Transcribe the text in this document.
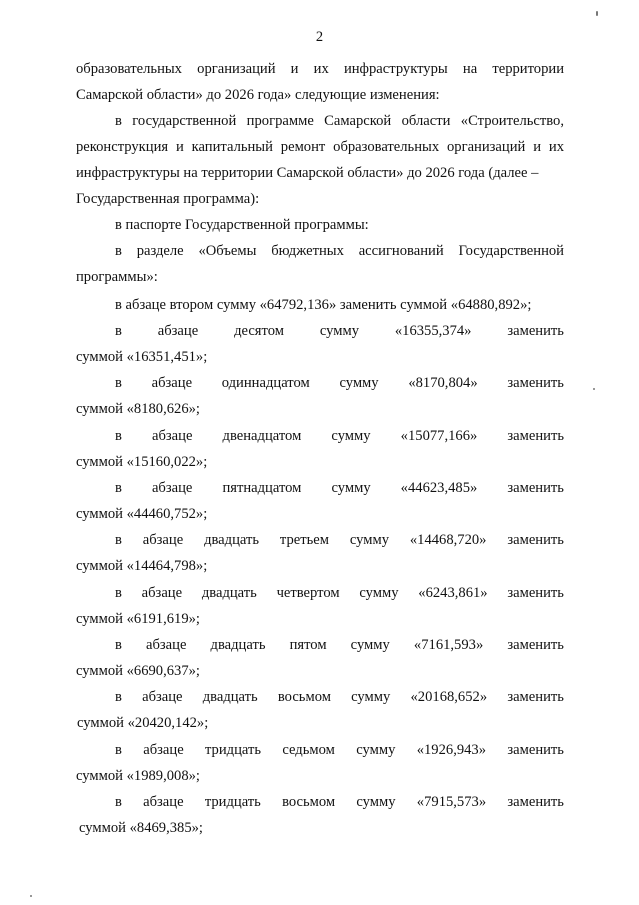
2
образовательных организаций и их инфраструктуры на территории
Самарской области» до 2026 года» следующие изменения:
в государственной программе Самарской области «Строительство,
реконструкция и капитальный ремонт образовательных организаций и их
инфраструктуры на территории Самарской области» до 2026 года (далее –
Государственная программа):
в паспорте Государственной программы:
в разделе «Объемы бюджетных ассигнований Государственной
программы»:
в абзаце втором сумму «64792,136» заменить суммой «64880,892»;
в абзаце десятом сумму «16355,374» заменить
суммой «16351,451»;
в абзаце одиннадцатом сумму «8170,804» заменить
суммой «8180,626»;
в абзаце двенадцатом сумму «15077,166» заменить
суммой «15160,022»;
в абзаце пятнадцатом сумму «44623,485» заменить
суммой «44460,752»;
в абзаце двадцать третьем сумму «14468,720» заменить
суммой «14464,798»;
в абзаце двадцать четвертом сумму «6243,861» заменить
суммой «6191,619»;
в абзаце двадцать пятом сумму «7161,593» заменить
суммой «6690,637»;
в абзаце двадцать восьмом сумму «20168,652» заменить
суммой «20420,142»;
в абзаце тридцать седьмом сумму «1926,943» заменить
суммой «1989,008»;
в абзаце тридцать восьмом сумму «7915,573» заменить
суммой «8469,385»;
